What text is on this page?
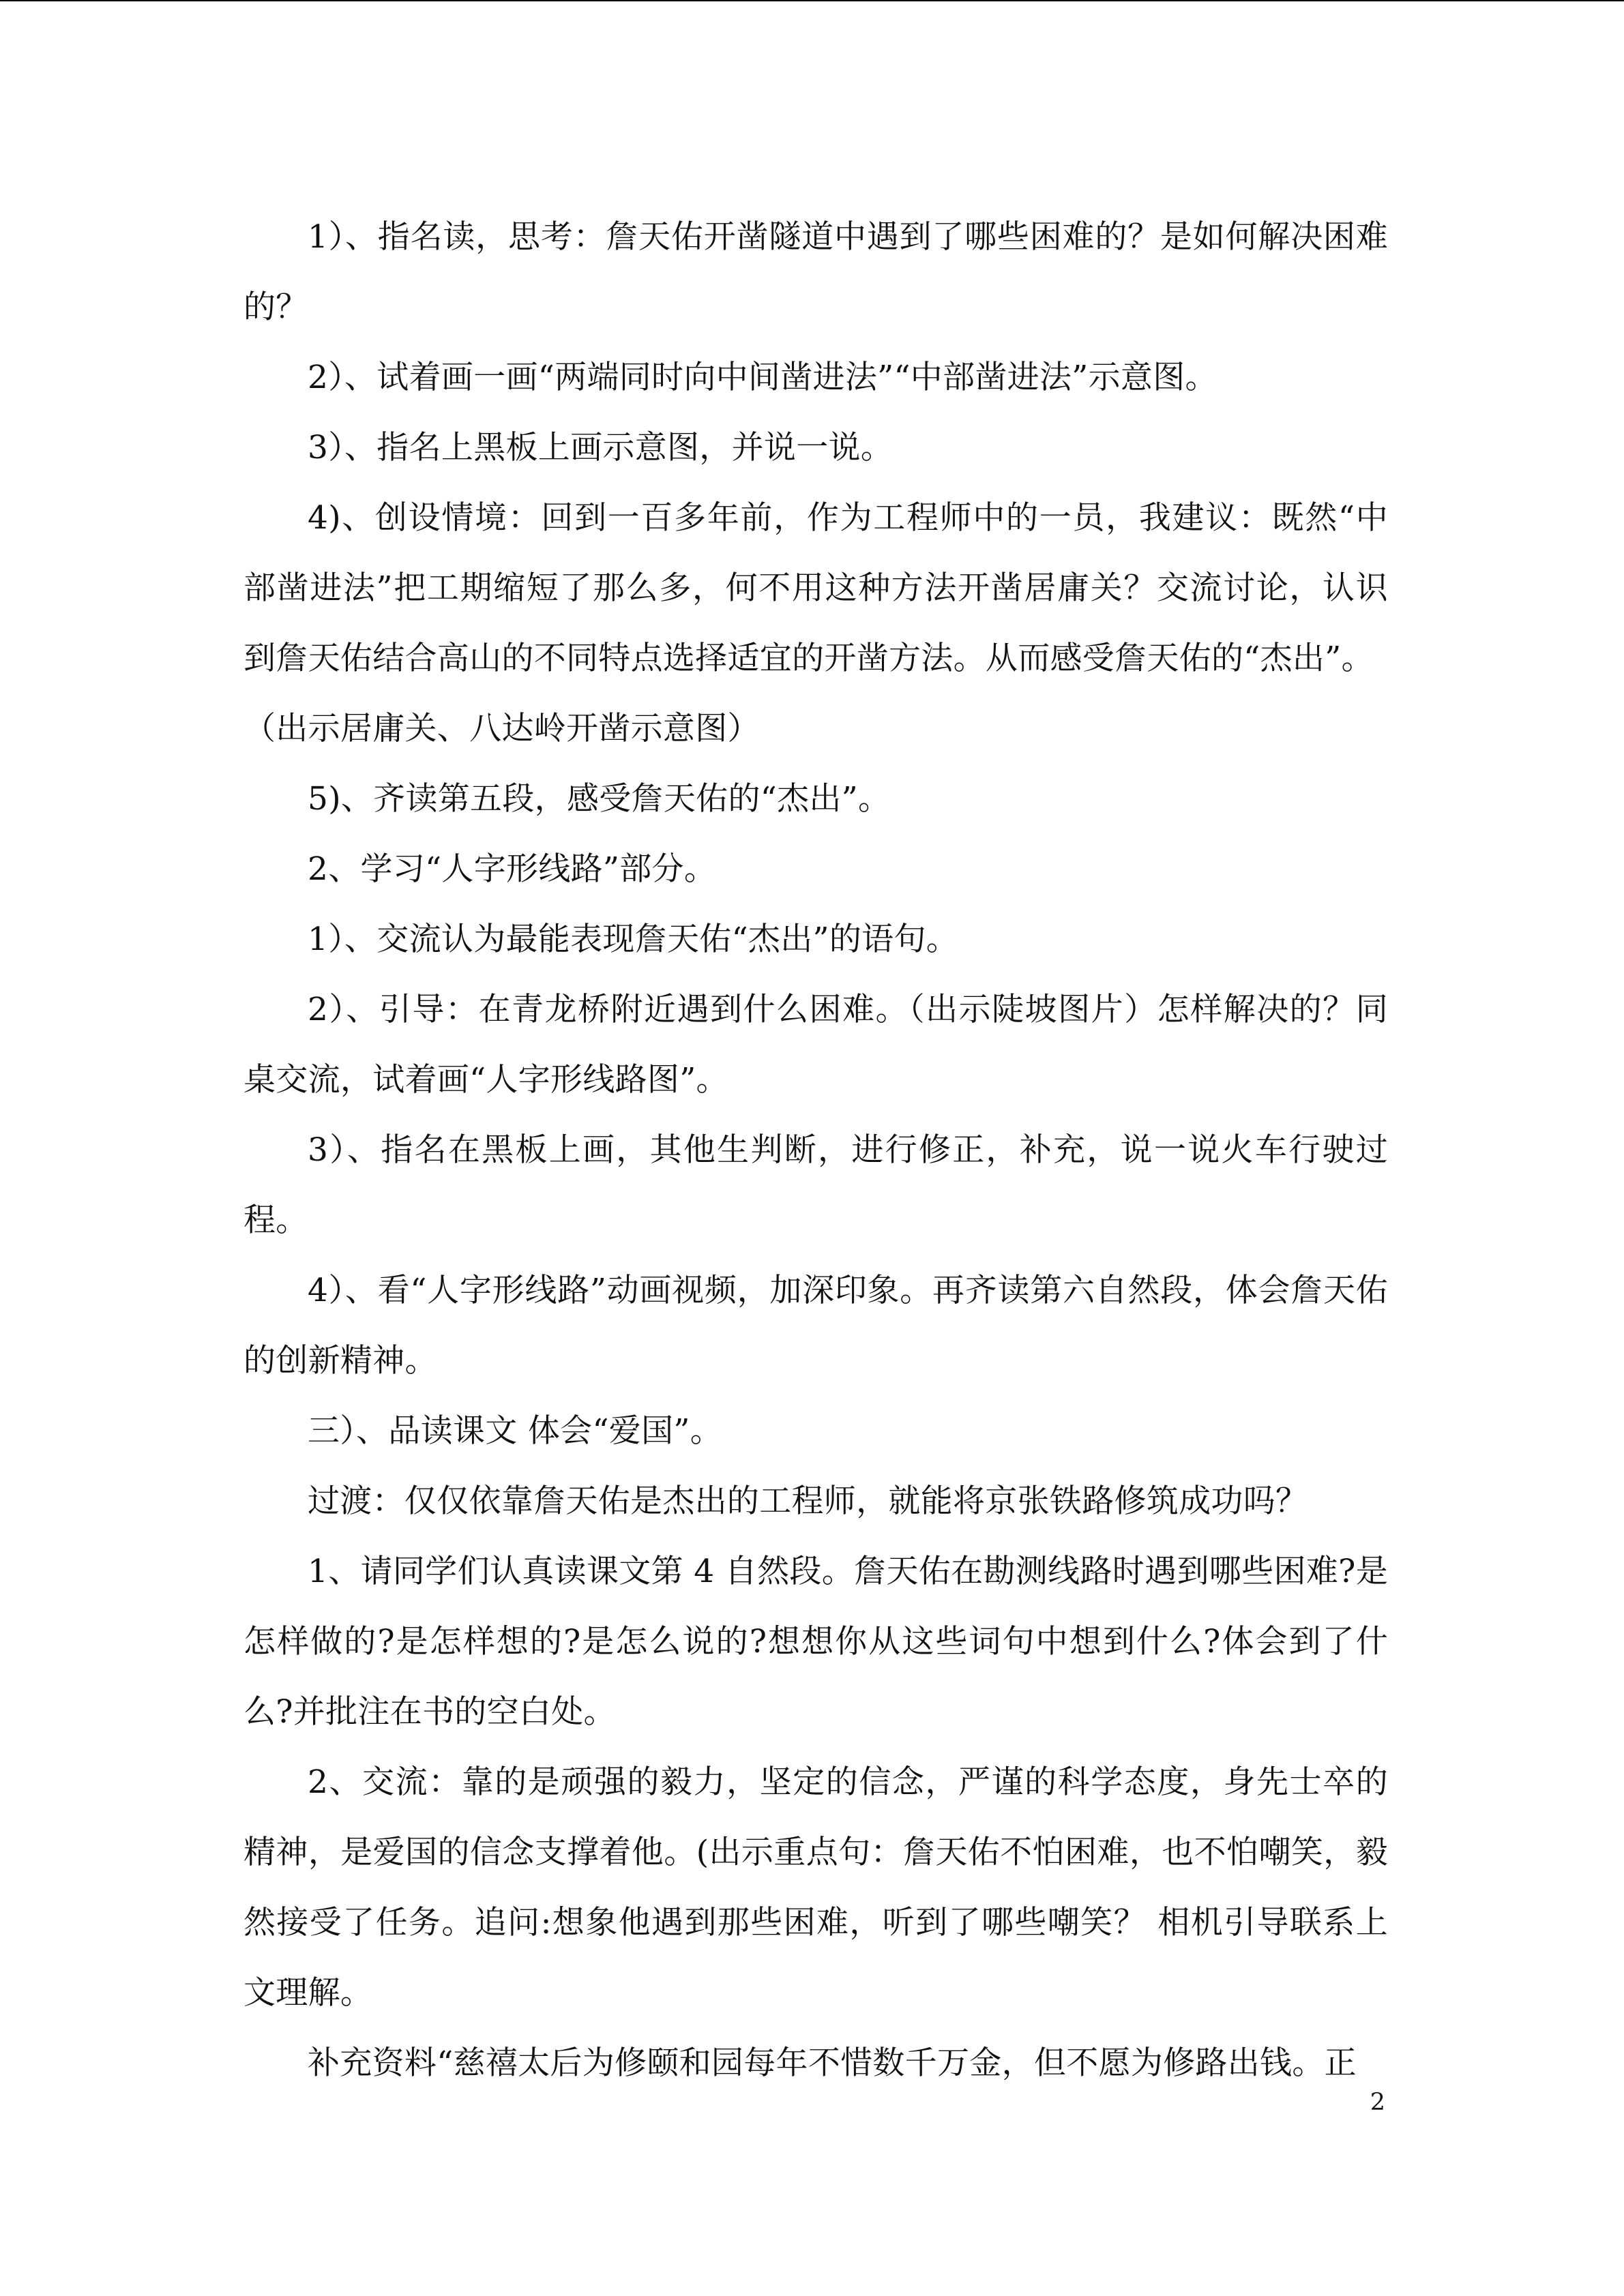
1）、指名读，思考：詹天佑开凿隧道中遇到了哪些困难的？是如何解决困难的？

2）、试着画一画“两端同时向中间凿进法”“中部凿进法”示意图。

3）、指名上黑板上画示意图，并说一说。

4)、创设情境：回到一百多年前，作为工程师中的一员，我建议：既然“中部凿进法”把工期缩短了那么多，何不用这种方法开凿居庸关？交流讨论，认识到詹天佑结合高山的不同特点选择适宜的开凿方法。从而感受詹天佑的“杰出”。

（出示居庸关、八达岭开凿示意图）

5)、齐读第五段，感受詹天佑的“杰出”。

2、学习“人字形线路”部分。

1）、交流认为最能表现詹天佑“杰出”的语句。

2）、引导：在青龙桥附近遇到什么困难。（出示陡坡图片）怎样解决的？同桌交流，试着画“人字形线路图”。

3）、指名在黑板上画，其他生判断，进行修正，补充，说一说火车行驶过程。

4）、看“人字形线路”动画视频，加深印象。再齐读第六自然段，体会詹天佑的创新精神。

三）、品读课文 体会“爱国”。

过渡：仅仅依靠詹天佑是杰出的工程师，就能将京张铁路修筑成功吗？

1、请同学们认真读课文第 4 自然段。詹天佑在勘测线路时遇到哪些困难?是怎样做的?是怎样想的?是怎么说的?想想你从这些词句中想到什么?体会到了什么?并批注在书的空白处。

2、交流：靠的是顽强的毅力，坚定的信念，严谨的科学态度，身先士卒的精神，是爱国的信念支撑着他。(出示重点句：詹天佑不怕困难，也不怕嘲笑，毅然接受了任务。追问:想象他遇到那些困难，听到了哪些嘲笑？ 相机引导联系上文理解。

补充资料“慈禧太后为修颐和园每年不惜数千万金，但不愿为修路出钱。正

2
